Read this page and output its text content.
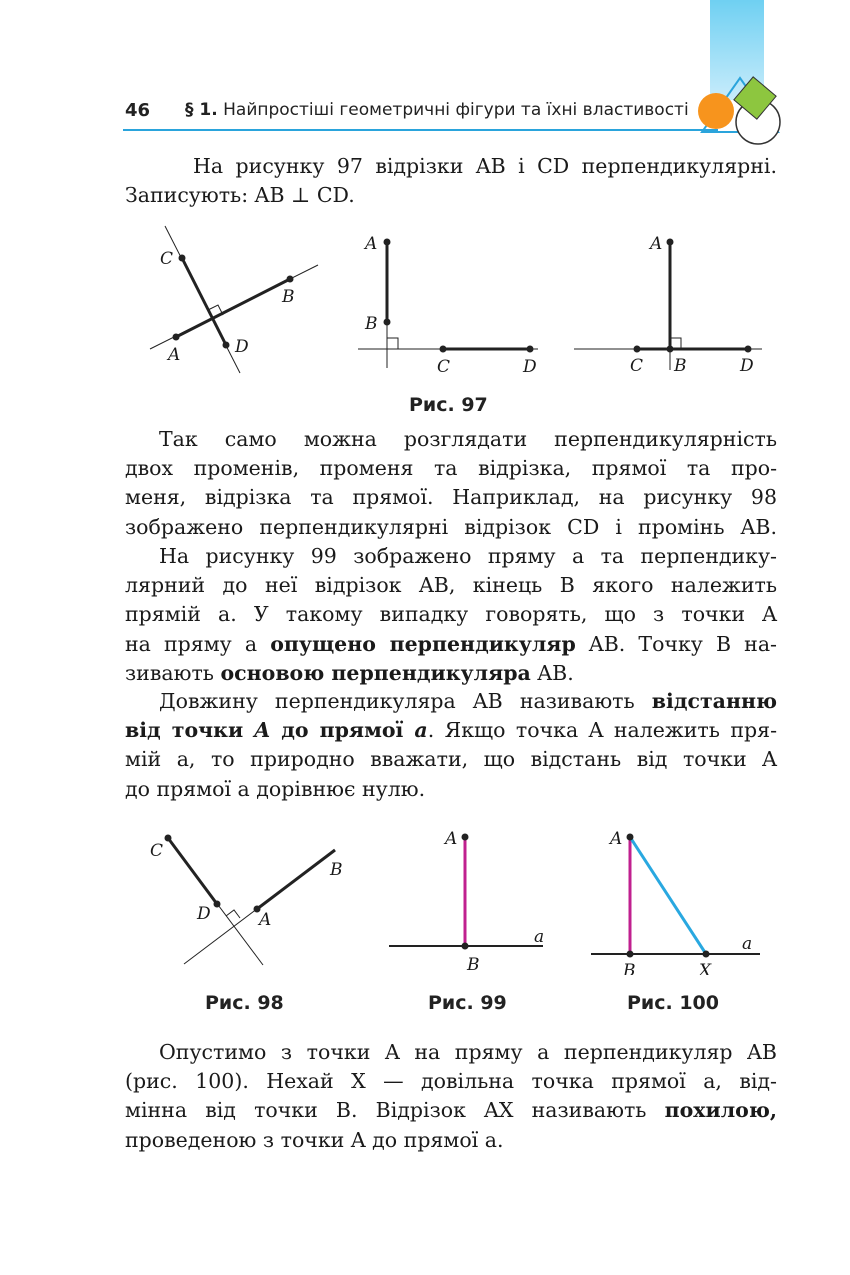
46 § 1. Найпростіші геометричні фігури та їхні властивості
На рисунку 97 відрізки AB і CD перпендикулярні.
Записують: AB ⊥ CD.
C
D
A
B
A
B
C	D
A
B
C	D
Рис. 97
Так само можна розглядати перпендикулярність
двох променів, променя та відрізка, прямої та про-
меня, відрізка та прямої. Наприклад, на рисунку 98
зображено перпендикулярні відрізок CD і промінь AB.
На рисунку 99 зображено пряму a та перпендику-
лярний до неї відрізок AB, кінець B якого належить
прямій a. У такому випадку говорять, що з точки A
на пряму a опущено перпендикуляр AB. Точку B на-
зивають основою перпендикуляра AB.
Довжину перпендикуляра AB називають відстанню
від точки A до прямої a. Якщо точка A належить пря-
мій a, то природно вважати, що відстань від точки A
до прямої a дорівнює нулю.
C
D	A
B
Рис. 98
A
B
a
Рис. 99
A
B	X
a
Рис. 100
Опустимо з точки A на пряму a перпендикуляр AB
(рис. 100). Нехай X — довільна точка прямої a, від-
мінна від точки B. Відрізок AX називають похилою,
проведеною з точки A до прямої a.
